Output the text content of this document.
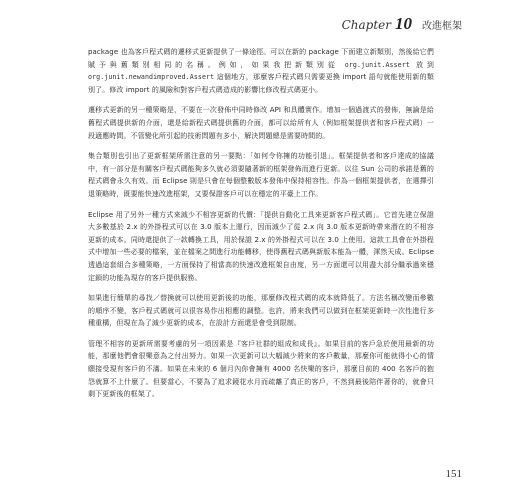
Chapter 10 改進框架

package 也為客戶程式碼的遷移式更新提供了一條途徑。可以在新的 package 下面建立新類別，然後給它們賦予與舊類別相同的名稱。例如，如果我把新類別從 org.junit.Assert 放到 org.junit.newandimproved.Assert 這個地方，那麼客戶程式碼只需要更換 import 語句就能使用新的類別了。修改 import 的風險和對客戶程式碼造成的影響比修改程式碼更小。

遷移式更新的另一種策略是，不要在一次發佈中同時修改 API 和具體實作。增加一個過渡式的發佈，無論是給舊程式碼提供新的介面，還是給新程式碼提供舊的介面，都可以給所有人（例如框架提供者和客戶程式碼）一段適應時間。不管變化所引起的技術問題有多小，解決問題總是需要時間的。

集合類別也引出了更新框架所需注意的另一要點：「如何令你擁的功能引退」。框架提供者和客戶達成的協議中，有一部分是有關客戶程式碼能夠多久就必須要隨著新的框架發佈而進行更新。以往 Sun 公司的承諾是舊的程式碼會永久有效。而 Eclipse 則是只會在每個整數版本發佈中保持相容性。作為一個框架提供者，在選擇引退策略時，既要能快速改進框架，又要保證客戶可以在穩定的平臺上工作。

Eclipse 用了另外一種方式來減少不相容更新的代價：「提供自動化工具來更新客戶程式碼」。它首先建立保證大多數基於 2.x 的外掛程式可以在 3.0 版本上運行，因而減少了從 2.x 向 3.0 版本更新時帶來潛在的不相容更新的成本。同時還提供了一款轉換工具，用於保證 2.x 的外掛程式可以在 3.0 上使用。這款工具會在外掛程式中增加一些必要的檔案，並在檔案之間進行功能轉移，使得舊程式碼與新版本能為一體，渾然天成。Eclipse 透過這套組合多種策略，一方面保持了相當高的快速改進框架自由度，另一方面還可以用盡大部分繼承過來穩定鎖的功能為現存的客戶提供服務。

如果進行簡單的尋找／替換就可以使用更新後的功能，那麼修改程式碼的成本就降低了。方法名稱改變而參數的順序不變，客戶程式碼就可以很容易作出相應的調整。也許，將來我們可以做到在框架更新時一次性進行多種重構，但現在為了減少更新的成本，在設計方面還是會受到限制。

管理不相容的更新所需要考慮的另一項因素是『客戶社群的組成和成長』。如果目前的客戶急於使用最新的功能，那麼他們會很樂意為之付出努力。如果一次更新可以大幅減少將來的客戶數量，那麼你可能就得小心的情願接受現有客戶的不滿。如果在未來的 6 個月內你會擁有 4000 名快樂的客戶，那麼目前的 400 名客戶的抱怨就算不上什麼了。但要當心，不要為了追求鏡花水月而疏離了真正的客戶，不然到最後陪伴著你的，就會只剩下更新後的框架了。

151
